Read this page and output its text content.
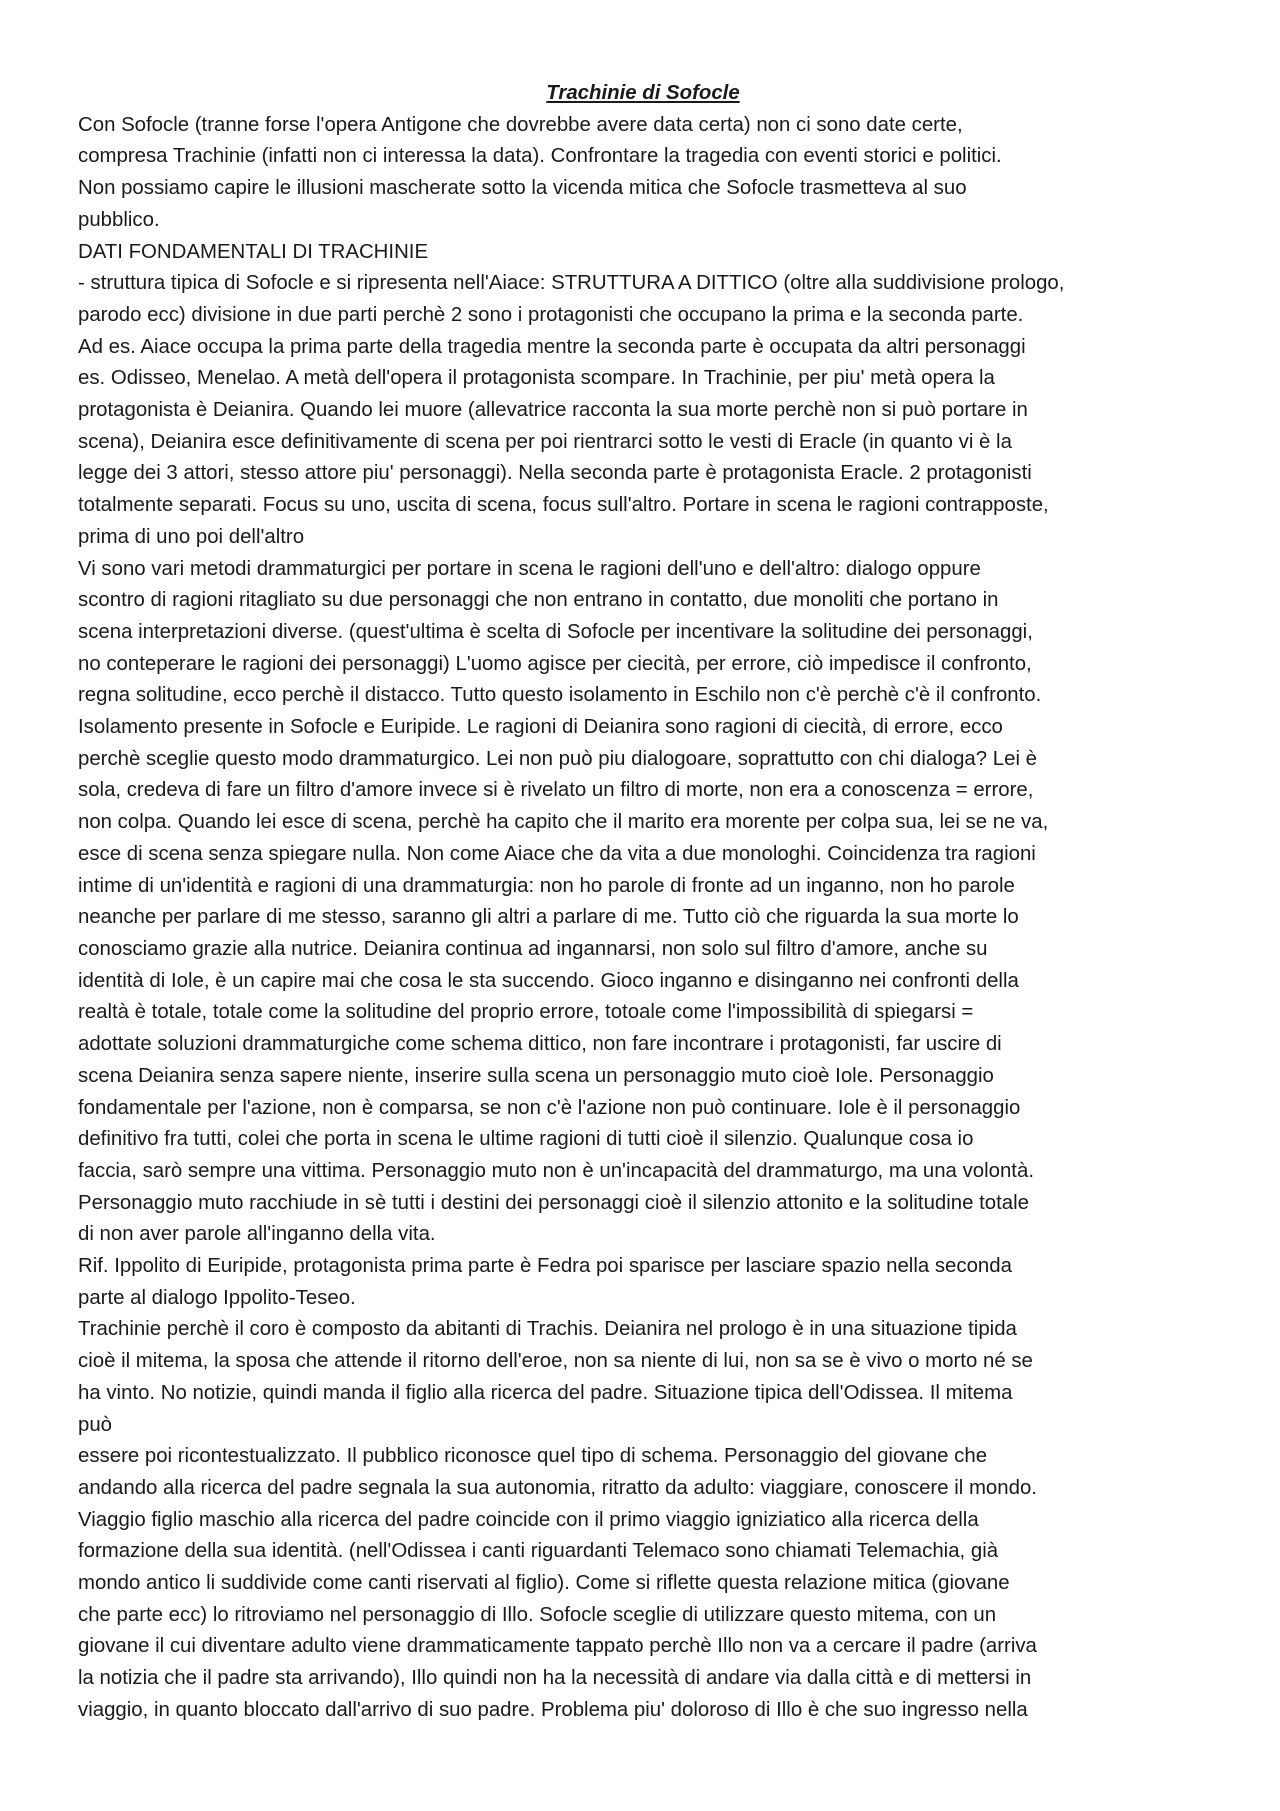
Trachinie di Sofocle
Con Sofocle (tranne forse l'opera Antigone che dovrebbe avere data certa) non ci sono date certe,
compresa Trachinie (infatti non ci interessa la data). Confrontare la tragedia con eventi storici e politici.
Non possiamo capire le illusioni mascherate sotto la vicenda mitica che Sofocle trasmetteva al suo
pubblico.
DATI FONDAMENTALI DI TRACHINIE
- struttura tipica di Sofocle e si ripresenta nell'Aiace: STRUTTURA A DITTICO (oltre alla suddivisione prologo,
parodo ecc) divisione in due parti perchè 2 sono i protagonisti che occupano la prima e la seconda parte.
Ad es. Aiace occupa la prima parte della tragedia mentre la seconda parte è occupata da altri personaggi
es. Odisseo, Menelao. A metà dell'opera il protagonista scompare. In Trachinie, per piu' metà opera la
protagonista è Deianira. Quando lei muore (allevatrice racconta la sua morte perchè non si può portare in
scena), Deianira esce definitivamente di scena per poi rientrarci sotto le vesti di Eracle (in quanto vi è la
legge dei 3 attori, stesso attore piu' personaggi). Nella seconda parte è protagonista Eracle. 2 protagonisti
totalmente separati. Focus su uno, uscita di scena, focus sull'altro. Portare in scena le ragioni contrapposte,
prima di uno poi dell'altro
Vi sono vari metodi drammaturgici per portare in scena le ragioni dell'uno e dell'altro: dialogo oppure
scontro di ragioni ritagliato su due personaggi che non entrano in contatto, due monoliti che portano in
scena interpretazioni diverse. (quest'ultima è scelta di Sofocle per incentivare la solitudine dei personaggi,
no conteperare le ragioni dei personaggi) L'uomo agisce per ciecità, per errore, ciò impedisce il confronto,
regna solitudine, ecco perchè il distacco. Tutto questo isolamento in Eschilo non c'è perchè c'è il confronto.
Isolamento presente in Sofocle e Euripide. Le ragioni di Deianira sono ragioni di ciecità, di errore, ecco
perchè sceglie questo modo drammaturgico. Lei non può piu dialogoare, soprattutto con chi dialoga? Lei è
sola, credeva di fare un filtro d'amore invece si è rivelato un filtro di morte, non era a conoscenza = errore,
non colpa. Quando lei esce di scena, perchè ha capito che il marito era morente per colpa sua, lei se ne va,
esce di scena senza spiegare nulla. Non come Aiace che da vita a due monologhi. Coincidenza tra ragioni
intime di un'identità e ragioni di una drammaturgia: non ho parole di fronte ad un inganno, non ho parole
neanche per parlare di me stesso, saranno gli altri a parlare di me. Tutto ciò che riguarda la sua morte lo
conosciamo grazie alla nutrice. Deianira continua ad ingannarsi, non solo sul filtro d'amore, anche su
identità di Iole, è un capire mai che cosa le sta succendo. Gioco inganno e disinganno nei confronti della
realtà è totale, totale come la solitudine del proprio errore, totoale come l'impossibilità di spiegarsi =
adottate soluzioni drammaturgiche come schema dittico, non fare incontrare i protagonisti, far uscire di
scena Deianira senza sapere niente, inserire sulla scena un personaggio muto cioè Iole. Personaggio
fondamentale per l'azione, non è comparsa, se non c'è l'azione non può continuare. Iole è il personaggio
definitivo fra tutti, colei che porta in scena le ultime ragioni di tutti cioè il silenzio. Qualunque cosa io
faccia, sarò sempre una vittima. Personaggio muto non è un'incapacità del drammaturgo, ma una volontà.
Personaggio muto racchiude in sè tutti i destini dei personaggi cioè il silenzio attonito e la solitudine totale
di non aver parole all'inganno della vita.
Rif. Ippolito di Euripide, protagonista prima parte è Fedra poi sparisce per lasciare spazio nella seconda
parte al dialogo Ippolito-Teseo.
Trachinie perchè il coro è composto da abitanti di Trachis. Deianira nel prologo è in una situazione tipida
cioè il mitema, la sposa che attende il ritorno dell'eroe, non sa niente di lui, non sa se è vivo o morto né se
ha vinto. No notizie, quindi manda il figlio alla ricerca del padre. Situazione tipica dell'Odissea. Il mitema
può
essere poi ricontestualizzato. Il pubblico riconosce quel tipo di schema. Personaggio del giovane che
andando alla ricerca del padre segnala la sua autonomia, ritratto da adulto: viaggiare, conoscere il mondo.
Viaggio figlio maschio alla ricerca del padre coincide con il primo viaggio igniziatico alla ricerca della
formazione della sua identità. (nell'Odissea i canti riguardanti Telemaco sono chiamati Telemachia, già
mondo antico li suddivide come canti riservati al figlio). Come si riflette questa relazione mitica (giovane
che parte ecc) lo ritroviamo nel personaggio di Illo. Sofocle sceglie di utilizzare questo mitema, con un
giovane il cui diventare adulto viene drammaticamente tappato perchè Illo non va a cercare il padre (arriva
la notizia che il padre sta arrivando), Illo quindi non ha la necessità di andare via dalla città e di mettersi in
viaggio, in quanto bloccato dall'arrivo di suo padre. Problema piu' doloroso di Illo è che suo ingresso nella
